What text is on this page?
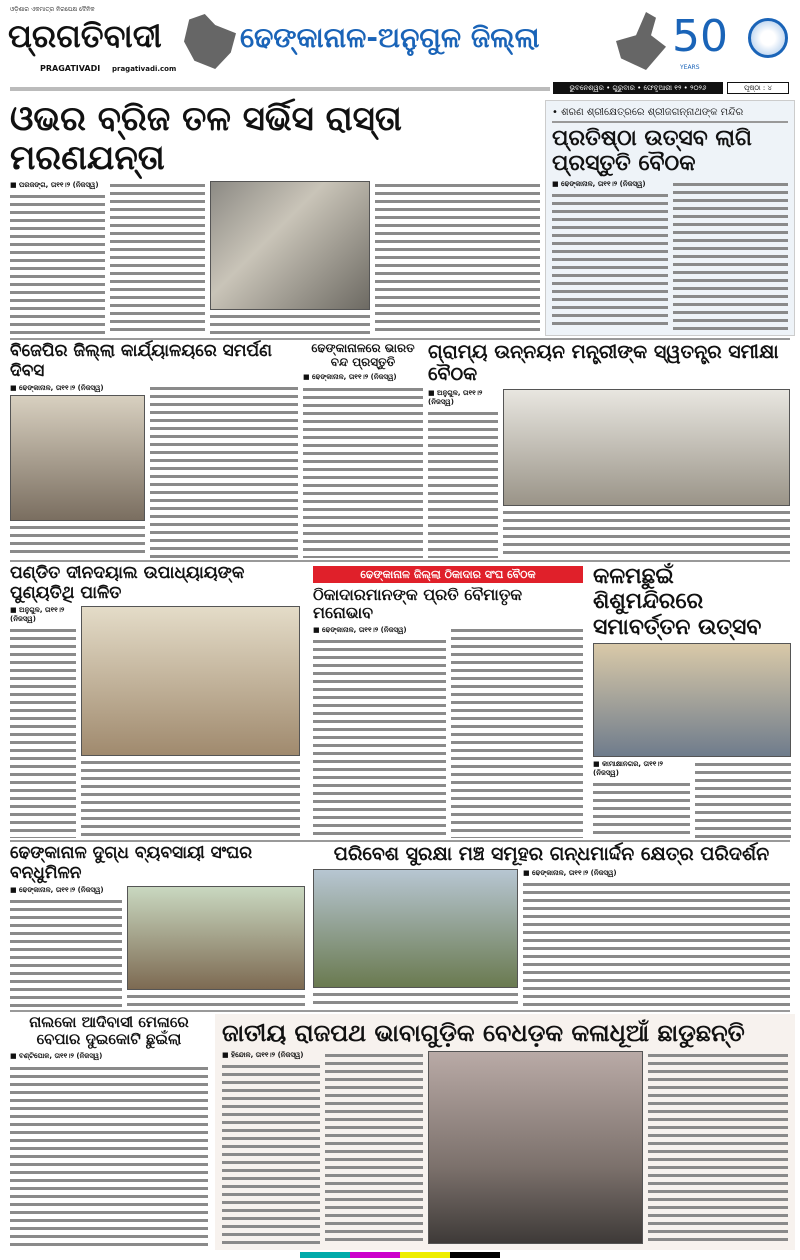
ଓଡ଼ିଶାର ଏକମାତ୍ର ନିରପେକ୍ଷ ଦୈନିକ
ପ୍ରଗତିବାଦୀ
PRAGATIVADI pragativadi.com
ଢେଙ୍କାନାଳ-ଅନୁଗୁଳ ଜିଲ୍ଲା	50
YEARS
ଭୁବନେଶ୍ୱର • ଗୁରୁବାର • ଫେବୃଆରୀ ୧୨ • ୨୦୨୬	ପୃଷ୍ଠା : ୪
ଓଭର ବ୍ରିଜ ତଳ ସର୍ଭିସ ରାସ୍ତା ମରଣଯନ୍ତା
■ ପରଜଙ୍ଗ, ତା୧୧।୨ (ନିଜସ୍ୱ)
• ଶରଣ ଶ୍ରୀକ୍ଷେତ୍ରରେ ଶ୍ରୀଜଗନ୍ନାଥଙ୍କ ମନ୍ଦିର
ପ୍ରତିଷ୍ଠା ଉତ୍ସବ ଲାଗି ପ୍ରସ୍ତୁତି ବୈଠକ
■ ଢେଙ୍କାନାଳ, ତା୧୧।୨ (ନିଜସ୍ୱ)
ବିଜେପିର ଜିଲ୍ଲା କାର୍ଯ୍ୟାଳୟରେ ସମର୍ପଣ ଦିବସ
■ ଢେଙ୍କାନାଳ, ତା୧୧।୨ (ନିଜସ୍ୱ)
ଢେଙ୍କାନାଳରେ ଭାରତ ବନ୍ଦ ପ୍ରସ୍ତୁତି
■ ଢେଙ୍କାନାଳ, ତା୧୧।୨ (ନିଜସ୍ୱ)
ଗ୍ରାମ୍ୟ ଉନ୍ନୟନ ମନ୍ତ୍ରୀଙ୍କ ସ୍ୱତନ୍ତ୍ର ସମୀକ୍ଷା ବୈଠକ
■ ଅନୁଗୁଳ, ତା୧୧।୨ (ନିଜସ୍ୱ)
ପଣ୍ଡିତ ଦୀନଦୟାଲ ଉପାଧ୍ୟାୟଙ୍କ ପୁଣ୍ୟତିଥି ପାଳିତ
■ ଅନୁଗୁଳ, ତା୧୧।୨ (ନିଜସ୍ୱ)
ଢେଙ୍କାନାଳ ଜିଲ୍ଲା ଠିକାଦାର ସଂଘ ବୈଠକ
ଠିକାଦାରମାନଙ୍କ ପ୍ରତି ବୈମାତୃକ ମନୋଭାବ
■ ଢେଙ୍କାନାଳ, ତା୧୧।୨ (ନିଜସ୍ୱ)
କଳମଛୁଇଁ ଶିଶୁମନ୍ଦିରରେ ସମାବର୍ତ୍ତନ ଉତ୍ସବ
■ କାମାକ୍ଷାନଗର, ତା୧୧।୨ (ନିଜସ୍ୱ)
ଢେଙ୍କାନାଳ ଦୁଗ୍ଧ ବ୍ୟବସାୟୀ ସଂଘର ବନ୍ଧୁମିଳନ
■ ଢେଙ୍କାନାଳ, ତା୧୧।୨ (ନିଜସ୍ୱ)
ପରିବେଶ ସୁରକ୍ଷା ମଞ୍ଚ ସମୂହର ଗନ୍ଧମାର୍ଦ୍ଦନ କ୍ଷେତ୍ର ପରିଦର୍ଶନ
■ ଢେଙ୍କାନାଳ, ତା୧୧।୨ (ନିଜସ୍ୱ)
ନାଲକୋ ଆଦିବାସୀ ମେଳାରେ ବେପାର ଦୁଇକୋଟି ଛୁଇଁଲା
■ ବଣ୍ଟିପୋଳ, ତା୧୧।୨ (ନିଜସ୍ୱ)
ଜାତୀୟ ରାଜପଥ ଭାବାଗୁଡ଼ିକ ବେଧଡ଼କ କଳାଧୂଆଁ ଛାଡୁଛନ୍ତି
■ ହିନ୍ଦୋଳ, ତା୧୧।୨ (ନିଜସ୍ୱ)
